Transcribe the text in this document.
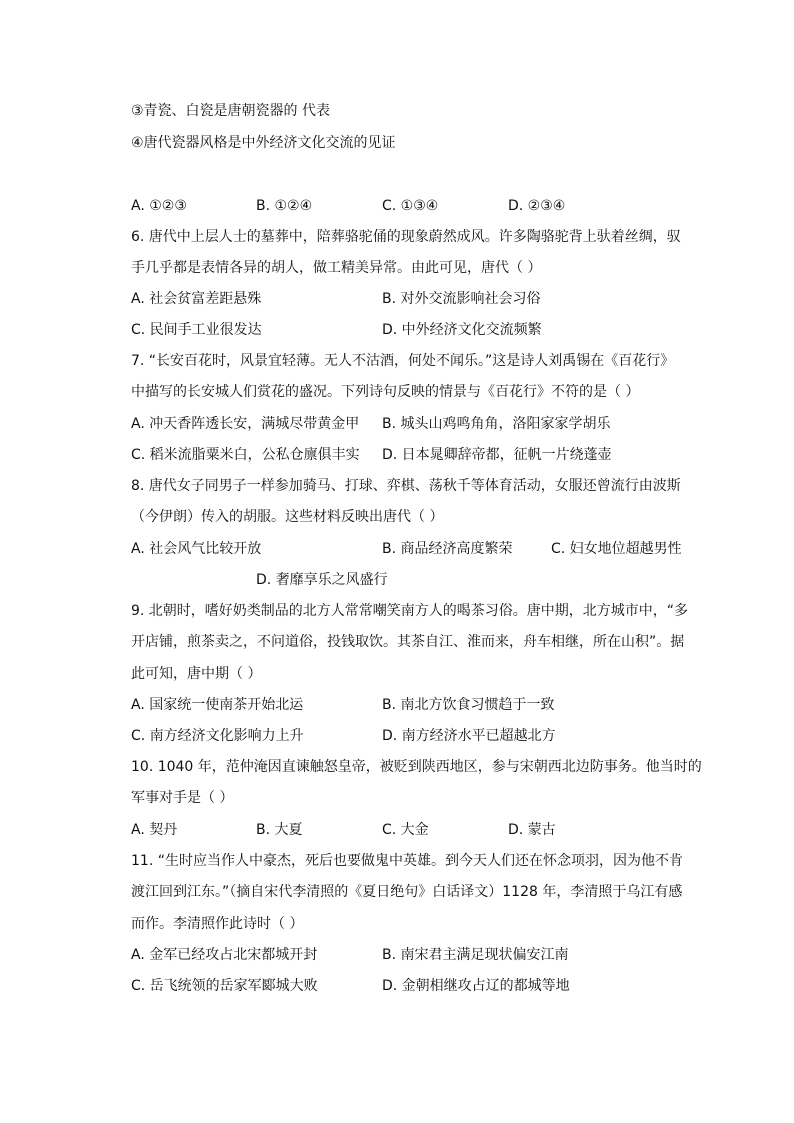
③青瓷、白瓷是唐朝瓷器的 代表
④唐代瓷器风格是中外经济文化交流的见证
A. ①②③	B. ①②④	C. ①③④	D. ②③④
6. 唐代中上层人士的墓葬中，陪葬骆驼俑的现象蔚然成风。许多陶骆驼背上驮着丝绸，驭
手几乎都是表情各异的胡人，做工精美异常。由此可见，唐代（ ）
A. 社会贫富差距悬殊	B. 对外交流影响社会习俗
C. 民间手工业很发达	D. 中外经济文化交流频繁
7. “长安百花时，风景宜轻薄。无人不沽酒，何处不闻乐。”这是诗人刘禹锡在《百花行》
中描写的长安城人们赏花的盛况。下列诗句反映的情景与《百花行》不符的是（ ）
A. 冲天香阵透长安，满城尽带黄金甲 B. 城头山鸡鸣角角，洛阳家家学胡乐
C. 稻米流脂粟米白，公私仓廪俱丰实 D. 日本晁卿辞帝都，征帆一片绕蓬壶
8. 唐代女子同男子一样参加骑马、打球、弈棋、荡秋千等体育活动，女服还曾流行由波斯
（今伊朗）传入的胡服。这些材料反映出唐代（ ）
A. 社会风气比较开放	B. 商品经济高度繁荣	C. 妇女地位超越男性
D. 奢靡享乐之风盛行
9. 北朝时，嗜好奶类制品的北方人常常嘲笑南方人的喝茶习俗。唐中期，北方城市中，“多
开店铺，煎茶卖之，不问道俗，投钱取饮。其茶自江、淮而来，舟车相继，所在山积”。据
此可知，唐中期（ ）
A. 国家统一使南茶开始北运	B. 南北方饮食习惯趋于一致
C. 南方经济文化影响力上升	D. 南方经济水平已超越北方
10. 1040 年，范仲淹因直谏触怒皇帝，被贬到陕西地区，参与宋朝西北边防事务。他当时的
军事对手是（ ）
A. 契丹	B. 大夏	C. 大金	D. 蒙古
11. “生时应当作人中豪杰，死后也要做鬼中英雄。到今天人们还在怀念项羽，因为他不肯
渡江回到江东。”（摘自宋代李清照的《夏日绝句》白话译文）1128 年，李清照于乌江有感
而作。李清照作此诗时（ ）
A. 金军已经攻占北宋都城开封	B. 南宋君主满足现状偏安江南
C. 岳飞统领的岳家军郾城大败	D. 金朝相继攻占辽的都城等地
